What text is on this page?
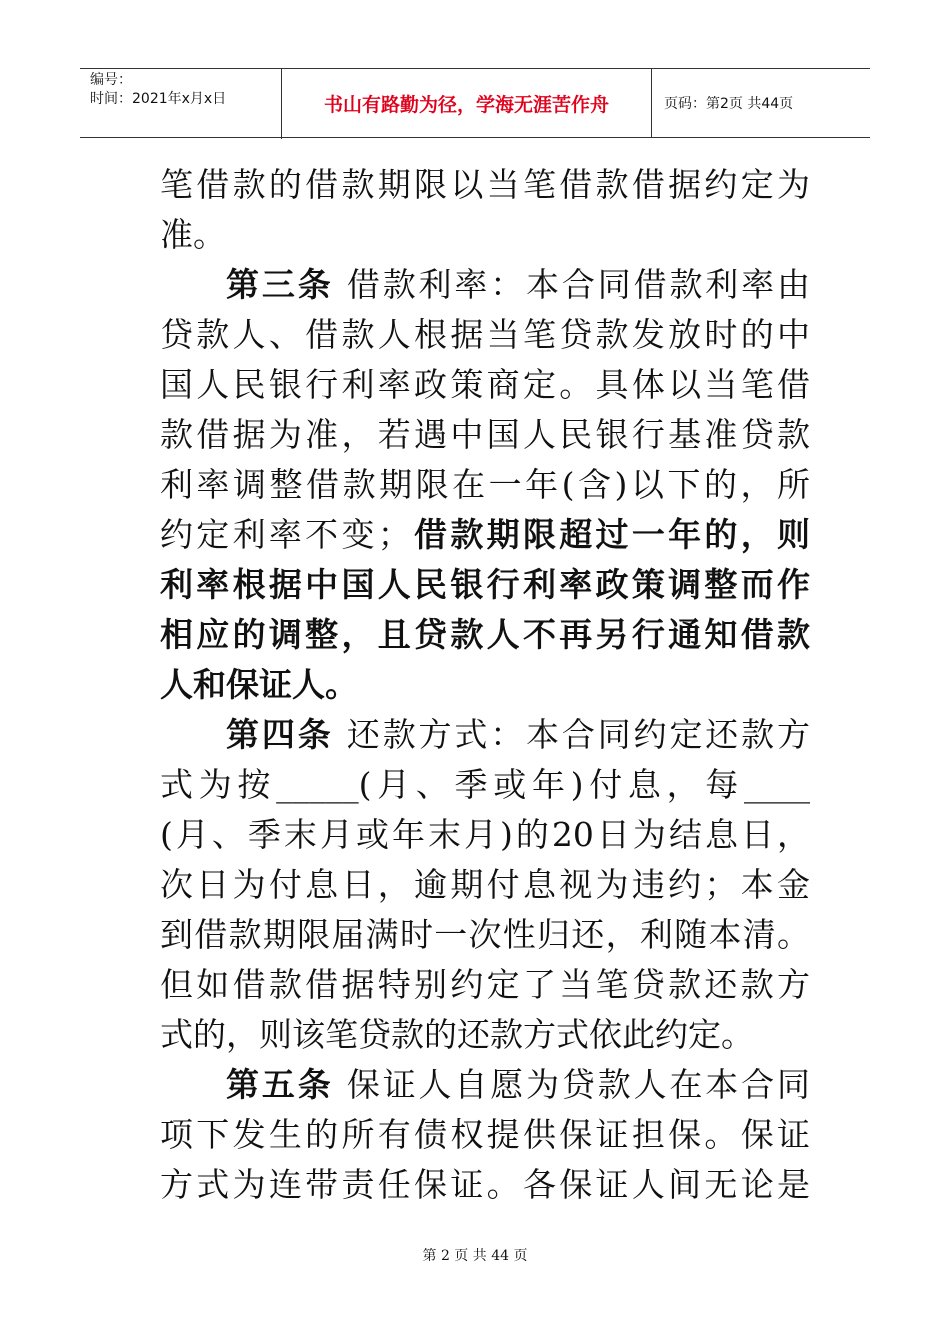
编号：
时间：2021年x月x日	书山有路勤为径，学海无涯苦作舟	页码：第2页 共44页
笔借款的借款期限以当笔借款借据约定为
准。
第三条 借款利率：本合同借款利率由
贷款人、借款人根据当笔贷款发放时的中
国人民银行利率政策商定。具体以当笔借
款借据为准，若遇中国人民银行基准贷款
利率调整借款期限在一年(含)以下的，所
约定利率不变；借款期限超过一年的，则
利率根据中国人民银行利率政策调整而作
相应的调整，且贷款人不再另行通知借款
人和保证人。
第四条 还款方式：本合同约定还款方
式为按_____(月、季或年)付息，每____
(月、季末月或年末月)的20日为结息日，
次日为付息日，逾期付息视为违约；本金
到借款期限届满时一次性归还，利随本清。
但如借款借据特别约定了当笔贷款还款方
式的，则该笔贷款的还款方式依此约定。
第五条 保证人自愿为贷款人在本合同
项下发生的所有债权提供保证担保。保证
方式为连带责任保证。各保证人间无论是
第 2 页 共 44 页
